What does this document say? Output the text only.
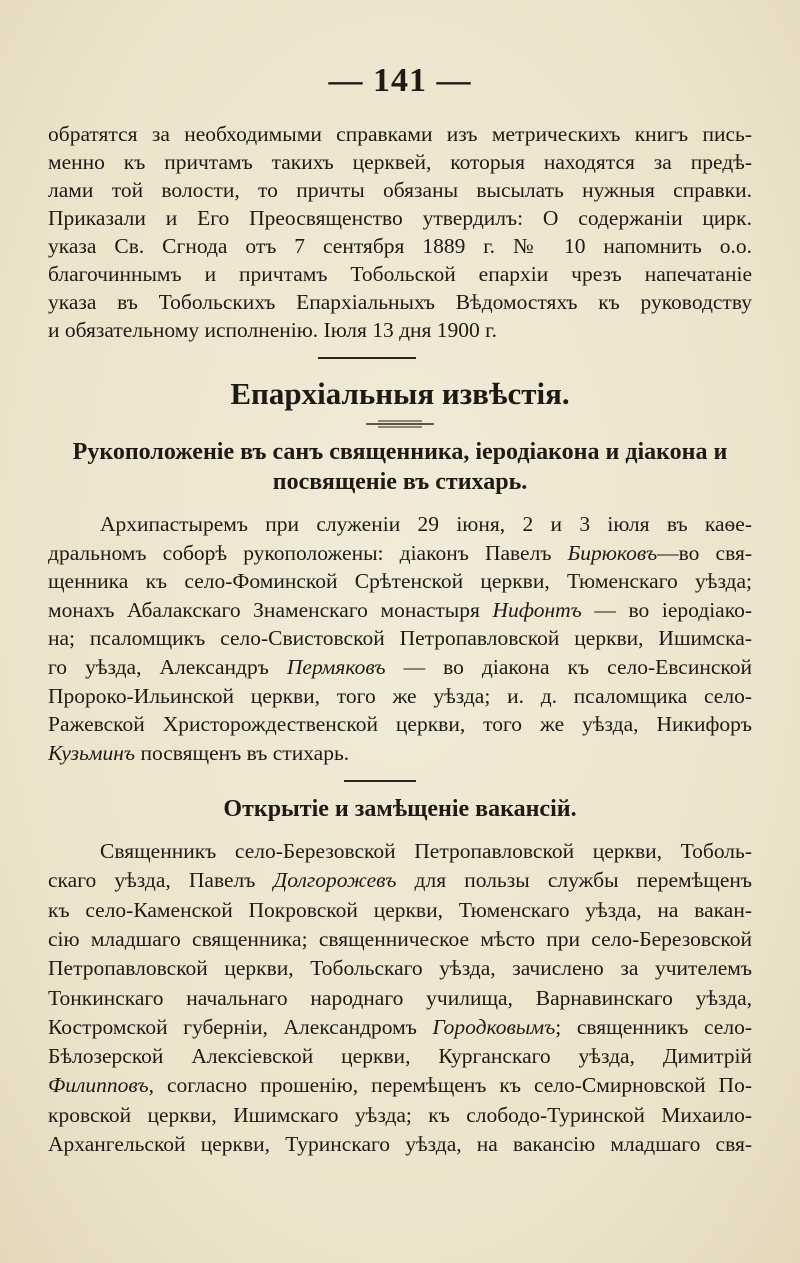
— 141 —
обратятся за необходимыми справками изъ метрическихъ книгъ пись-
менно къ причтамъ такихъ церквей, которыя находятся за предѣ-
лами той волости, то причты обязаны высылать нужныя справки.
Приказали и Его Преосвященство утвердилъ: О содержаніи цирк.
указа Св. Сгнода отъ 7 сентября 1889 г. № 10 напомнить о.о.
благочиннымъ и причтамъ Тобольской епархіи чрезъ напечатаніе
указа въ Тобольскихъ Епархіальныхъ Вѣдомостяхъ къ руководству
и обязательному исполненію. Іюля 13 дня 1900 г.
Епархіальныя извѣстія.
Рукоположеніе въ санъ священника, іеродіакона и діакона и
посвященіе въ стихарь.
Архипастыремъ при служеніи 29 іюня, 2 и 3 іюля въ каѳе-
дральномъ соборѣ рукоположены: діаконъ Павелъ Бирюковъ—во свя-
щенника къ село-Фоминской Срѣтенской церкви, Тюменскаго уѣзда;
монахъ Абалакскаго Знаменскаго монастыря Нифонтъ — во іеродіако-
на; псаломщикъ село-Свистовской Петропавловской церкви, Ишимска-
го уѣзда, Александръ Пермяковъ — во діакона къ село-Евсинской
Пророко-Ильинской церкви, того же уѣзда; и. д. псаломщика село-
Ражевской Христорождественской церкви, того же уѣзда, Никифоръ
Кузьминъ посвященъ въ стихарь.
Открытіе и замѣщеніе вакансій.
Священникъ село-Березовской Петропавловской церкви, Тоболь-
скаго уѣзда, Павелъ Долгорожевъ для пользы службы перемѣщенъ
къ село-Каменской Покровской церкви, Тюменскаго уѣзда, на вакан-
сію младшаго священника; священническое мѣсто при село-Березовской
Петропавловской церкви, Тобольскаго уѣзда, зачислено за учителемъ
Тонкинскаго начальнаго народнаго училища, Варнавинскаго уѣзда,
Костромской губерніи, Александромъ Городковымъ; священникъ село-
Бѣлозерской Алексіевской церкви, Курганскаго уѣзда, Димитрій
Филипповъ, согласно прошенію, перемѣщенъ къ село-Смирновской По-
кровской церкви, Ишимскаго уѣзда; къ слободо-Туринской Михаило-
Архангельской церкви, Туринскаго уѣзда, на вакансію младшаго свя-
